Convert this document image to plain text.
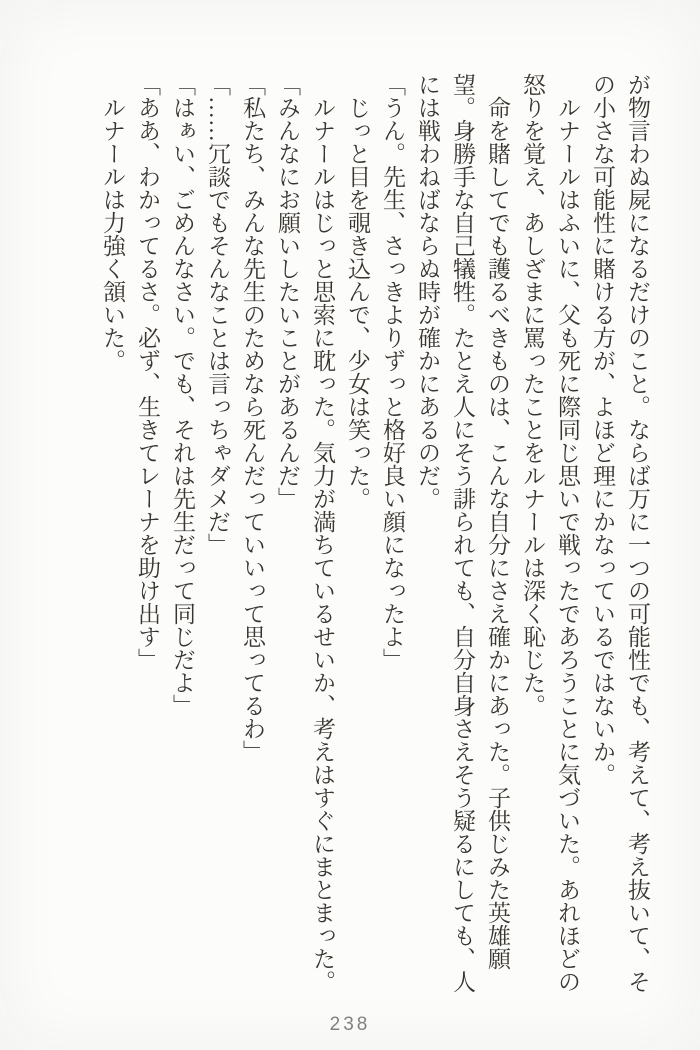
が物言わぬ屍になるだけのこと。ならば万に一つの可能性でも、考えて、考え抜いて、その小さな可能性に賭ける方が、よほど理にかなっているではないか。

ルナールはふいに、父も死に際同じ思いで戦ったであろうことに気づいた。あれほどの怒りを覚え、あしざまに罵ったことをルナールは深く恥じた。

命を賭してでも護るべきものは、こんな自分にさえ確かにあった。子供じみた英雄願望。身勝手な自己犠牲。たとえ人にそう誹られても、自分自身さえそう疑るにしても、人には戦わねばならぬ時が確かにあるのだ。

「うん。先生、さっきよりずっと格好良い顔になったよ」

じっと目を覗き込んで、少女は笑った。

ルナールはじっと思索に耽った。気力が満ちているせいか、考えはすぐにまとまった。

「みんなにお願いしたいことがあるんだ」

「私たち、みんな先生のためなら死んだっていいって思ってるわ」

「……冗談でもそんなことは言っちゃダメだ」

「はぁい、ごめんなさい。でも、それは先生だって同じだよ」

「ああ、わかってるさ。必ず、生きてレーナを助け出す」

ルナールは力強く頷いた。

238
